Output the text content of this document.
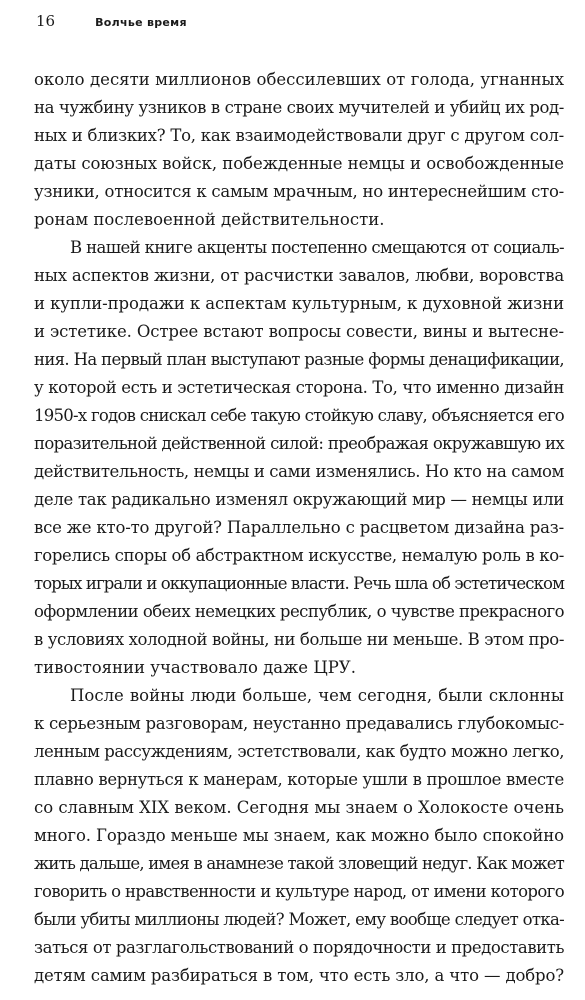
16	Волчье время
около десяти миллионов обессилевших от голода, угнанных
на чужбину узников в стране своих мучителей и убийц их род-
ных и близких? То, как взаимодействовали друг с другом сол-
даты союзных войск, побежденные немцы и освобожденные
узники, относится к самым мрачным, но интереснейшим сто-
ронам послевоенной действительности.
В нашей книге акценты постепенно смещаются от социаль-
ных аспектов жизни, от расчистки завалов, любви, воровства
и купли-продажи к аспектам культурным, к духовной жизни
и эстетике. Острее встают вопросы совести, вины и вытесне-
ния. На первый план выступают разные формы денацификации,
у которой есть и эстетическая сторона. То, что именно дизайн
1950-х годов снискал себе такую стойкую славу, объясняется его
поразительной действенной силой: преображая окружавшую их
действительность, немцы и сами изменялись. Но кто на самом
деле так радикально изменял окружающий мир — немцы или
все же кто-то другой? Параллельно с расцветом дизайна раз-
горелись споры об абстрактном искусстве, немалую роль в ко-
торых играли и оккупационные власти. Речь шла об эстетическом
оформлении обеих немецких республик, о чувстве прекрасного
в условиях холодной войны, ни больше ни меньше. В этом про-
тивостоянии участвовало даже ЦРУ.
После войны люди больше, чем сегодня, были склонны
к серьезным разговорам, неустанно предавались глубокомыс-
ленным рассуждениям, эстетствовали, как будто можно легко,
плавно вернуться к манерам, которые ушли в прошлое вместе
со славным XIX веком. Сегодня мы знаем о Холокосте очень
много. Гораздо меньше мы знаем, как можно было спокойно
жить дальше, имея в анамнезе такой зловещий недуг. Как может
говорить о нравственности и культуре народ, от имени которого
были убиты миллионы людей? Может, ему вообще следует отка-
заться от разглагольствований о порядочности и предоставить
детям самим разбираться в том, что есть зло, а что — добро?
